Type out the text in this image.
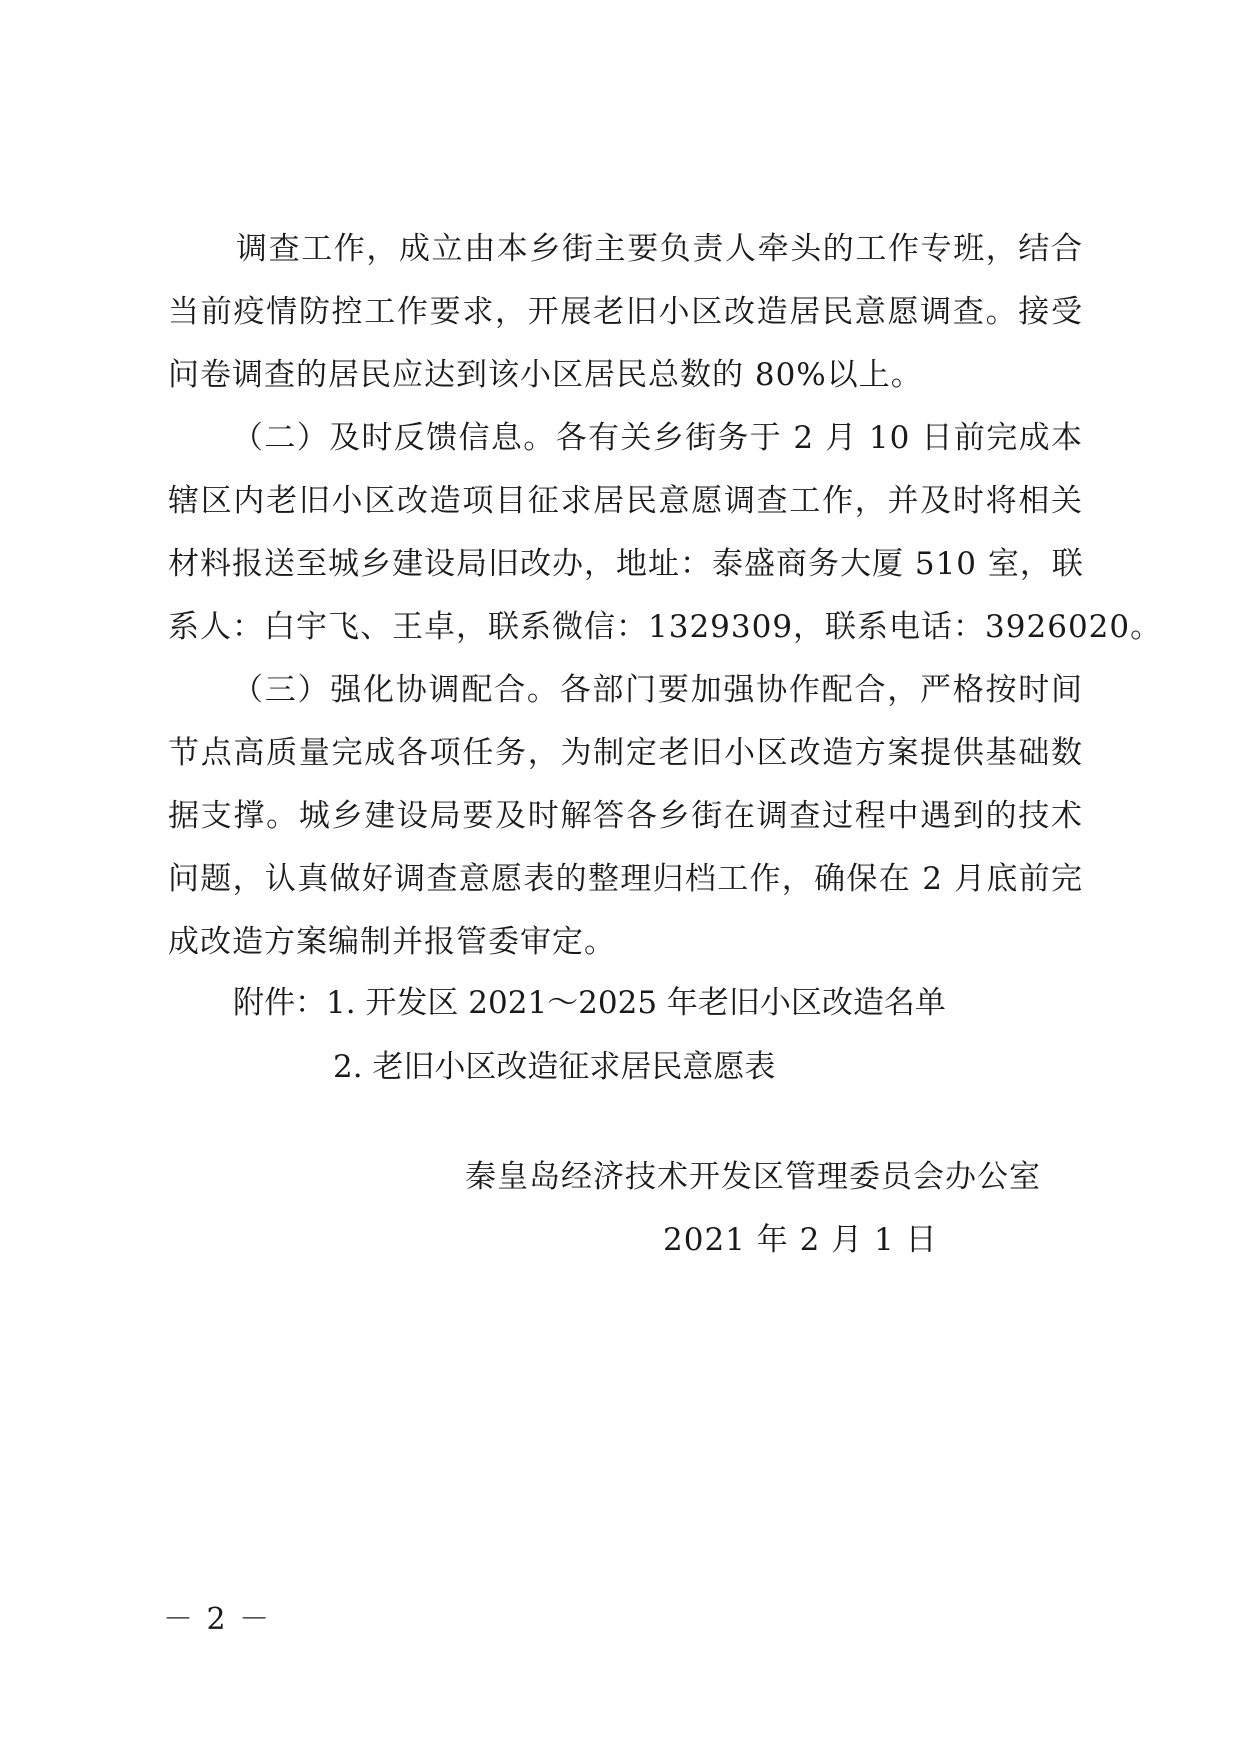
调查工作，成立由本乡街主要负责人牵头的工作专班，结合
当前疫情防控工作要求，开展老旧小区改造居民意愿调查。接受
问卷调查的居民应达到该小区居民总数的 80%以上。
（二）及时反馈信息。各有关乡街务于 2 月 10 日前完成本
辖区内老旧小区改造项目征求居民意愿调查工作，并及时将相关
材料报送至城乡建设局旧改办，地址：泰盛商务大厦 510 室，联
系人：白宇飞、王卓，联系微信：1329309，联系电话：3926020。
（三）强化协调配合。各部门要加强协作配合，严格按时间
节点高质量完成各项任务，为制定老旧小区改造方案提供基础数
据支撑。城乡建设局要及时解答各乡街在调查过程中遇到的技术
问题，认真做好调查意愿表的整理归档工作，确保在 2 月底前完
成改造方案编制并报管委审定。
附件：1. 开发区 2021～2025 年老旧小区改造名单
2. 老旧小区改造征求居民意愿表
秦皇岛经济技术开发区管理委员会办公室
2021 年 2 月 1 日
－ 2 －
